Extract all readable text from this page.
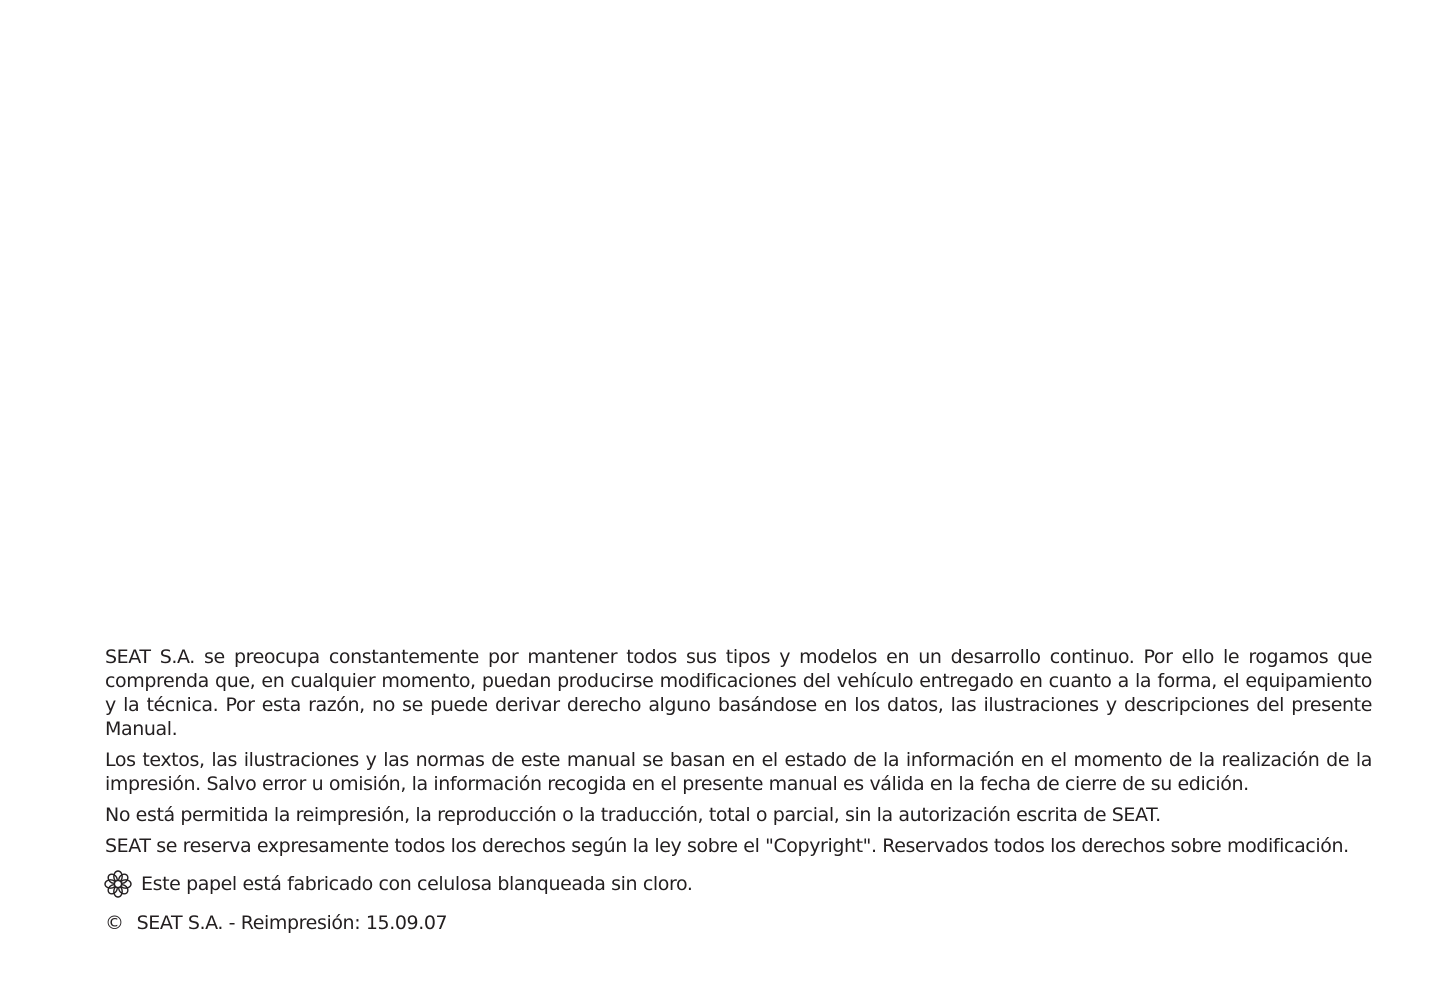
SEAT S.A. se preocupa constantemente por mantener todos sus tipos y modelos en un desarrollo continuo. Por ello le rogamos que comprenda que, en cualquier momento, puedan producirse modificaciones del vehículo entregado en cuanto a la forma, el equipamiento y la técnica. Por esta razón, no se puede derivar derecho alguno basándose en los datos, las ilustraciones y descripciones del presente Manual.

Los textos, las ilustraciones y las normas de este manual se basan en el estado de la información en el momento de la realización de la impresión. Salvo error u omisión, la información recogida en el presente manual es válida en la fecha de cierre de su edición.

No está permitida la reimpresión, la reproducción o la traducción, total o parcial, sin la autorización escrita de SEAT.

SEAT se reserva expresamente todos los derechos según la ley sobre el "Copyright". Reservados todos los derechos sobre modificación.

Este papel está fabricado con celulosa blanqueada sin cloro.
© SEAT S.A. - Reimpresión: 15.09.07
